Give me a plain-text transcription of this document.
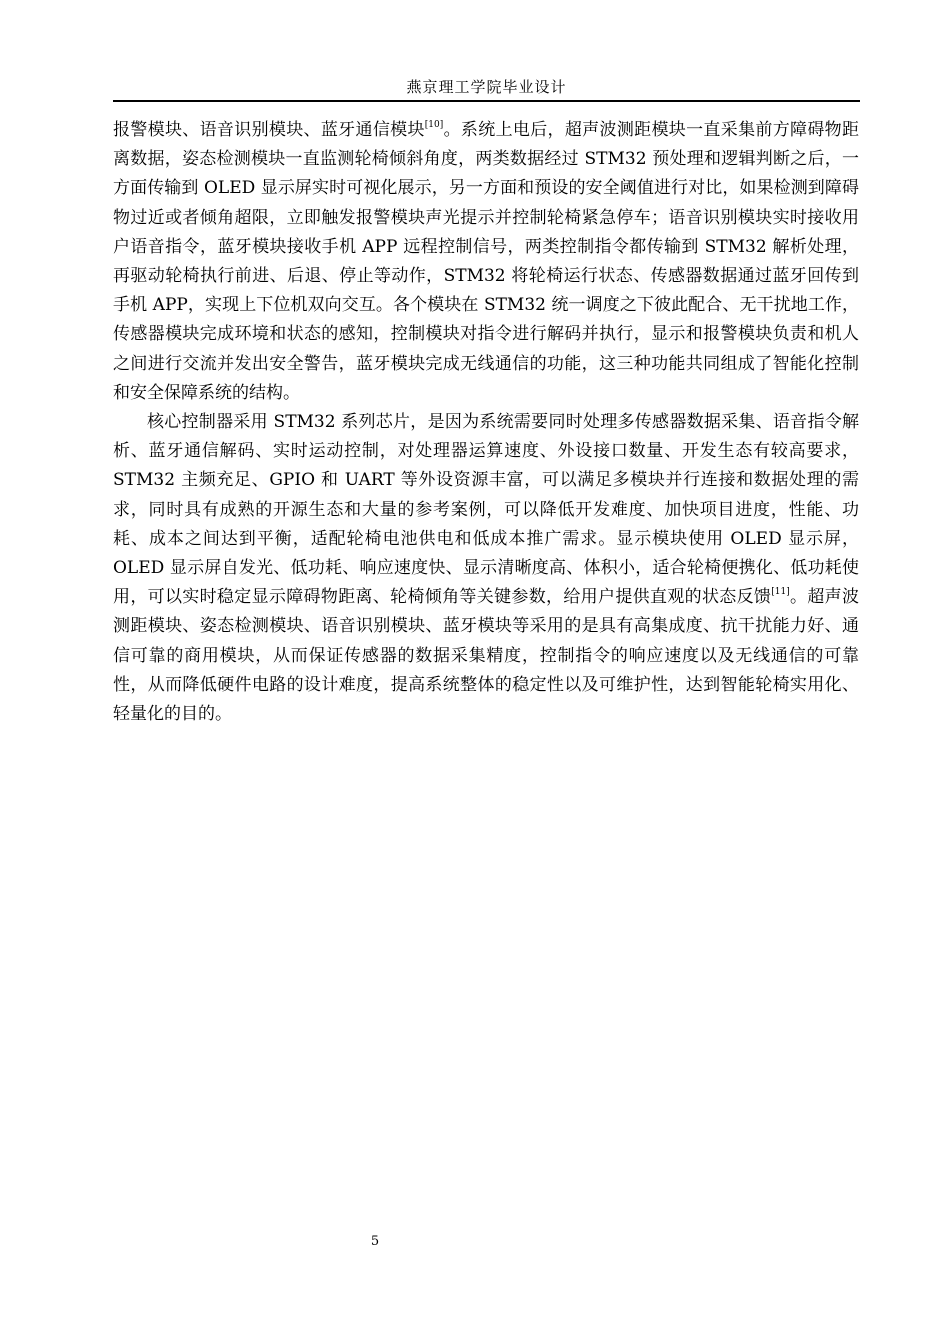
燕京理工学院毕业设计

报警模块、语音识别模块、蓝牙通信模块[10]。系统上电后，超声波测距模块一直采集前方障碍物距离数据，姿态检测模块一直监测轮椅倾斜角度，两类数据经过 STM32 预处理和逻辑判断之后，一方面传输到 OLED 显示屏实时可视化展示，另一方面和预设的安全阈值进行对比，如果检测到障碍物过近或者倾角超限，立即触发报警模块声光提示并控制轮椅紧急停车；语音识别模块实时接收用户语音指令，蓝牙模块接收手机 APP 远程控制信号，两类控制指令都传输到 STM32 解析处理，再驱动轮椅执行前进、后退、停止等动作，STM32 将轮椅运行状态、传感器数据通过蓝牙回传到手机 APP，实现上下位机双向交互。各个模块在 STM32 统一调度之下彼此配合、无干扰地工作，传感器模块完成环境和状态的感知，控制模块对指令进行解码并执行，显示和报警模块负责和机人之间进行交流并发出安全警告，蓝牙模块完成无线通信的功能，这三种功能共同组成了智能化控制和安全保障系统的结构。

核心控制器采用 STM32 系列芯片，是因为系统需要同时处理多传感器数据采集、语音指令解析、蓝牙通信解码、实时运动控制，对处理器运算速度、外设接口数量、开发生态有较高要求，STM32 主频充足、GPIO 和 UART 等外设资源丰富，可以满足多模块并行连接和数据处理的需求，同时具有成熟的开源生态和大量的参考案例，可以降低开发难度、加快项目进度，性能、功耗、成本之间达到平衡，适配轮椅电池供电和低成本推广需求。显示模块使用 OLED 显示屏，OLED 显示屏自发光、低功耗、响应速度快、显示清晰度高、体积小，适合轮椅便携化、低功耗使用，可以实时稳定显示障碍物距离、轮椅倾角等关键参数，给用户提供直观的状态反馈[11]。超声波测距模块、姿态检测模块、语音识别模块、蓝牙模块等采用的是具有高集成度、抗干扰能力好、通信可靠的商用模块，从而保证传感器的数据采集精度，控制指令的响应速度以及无线通信的可靠性，从而降低硬件电路的设计难度，提高系统整体的稳定性以及可维护性，达到智能轮椅实用化、轻量化的目的。

5
